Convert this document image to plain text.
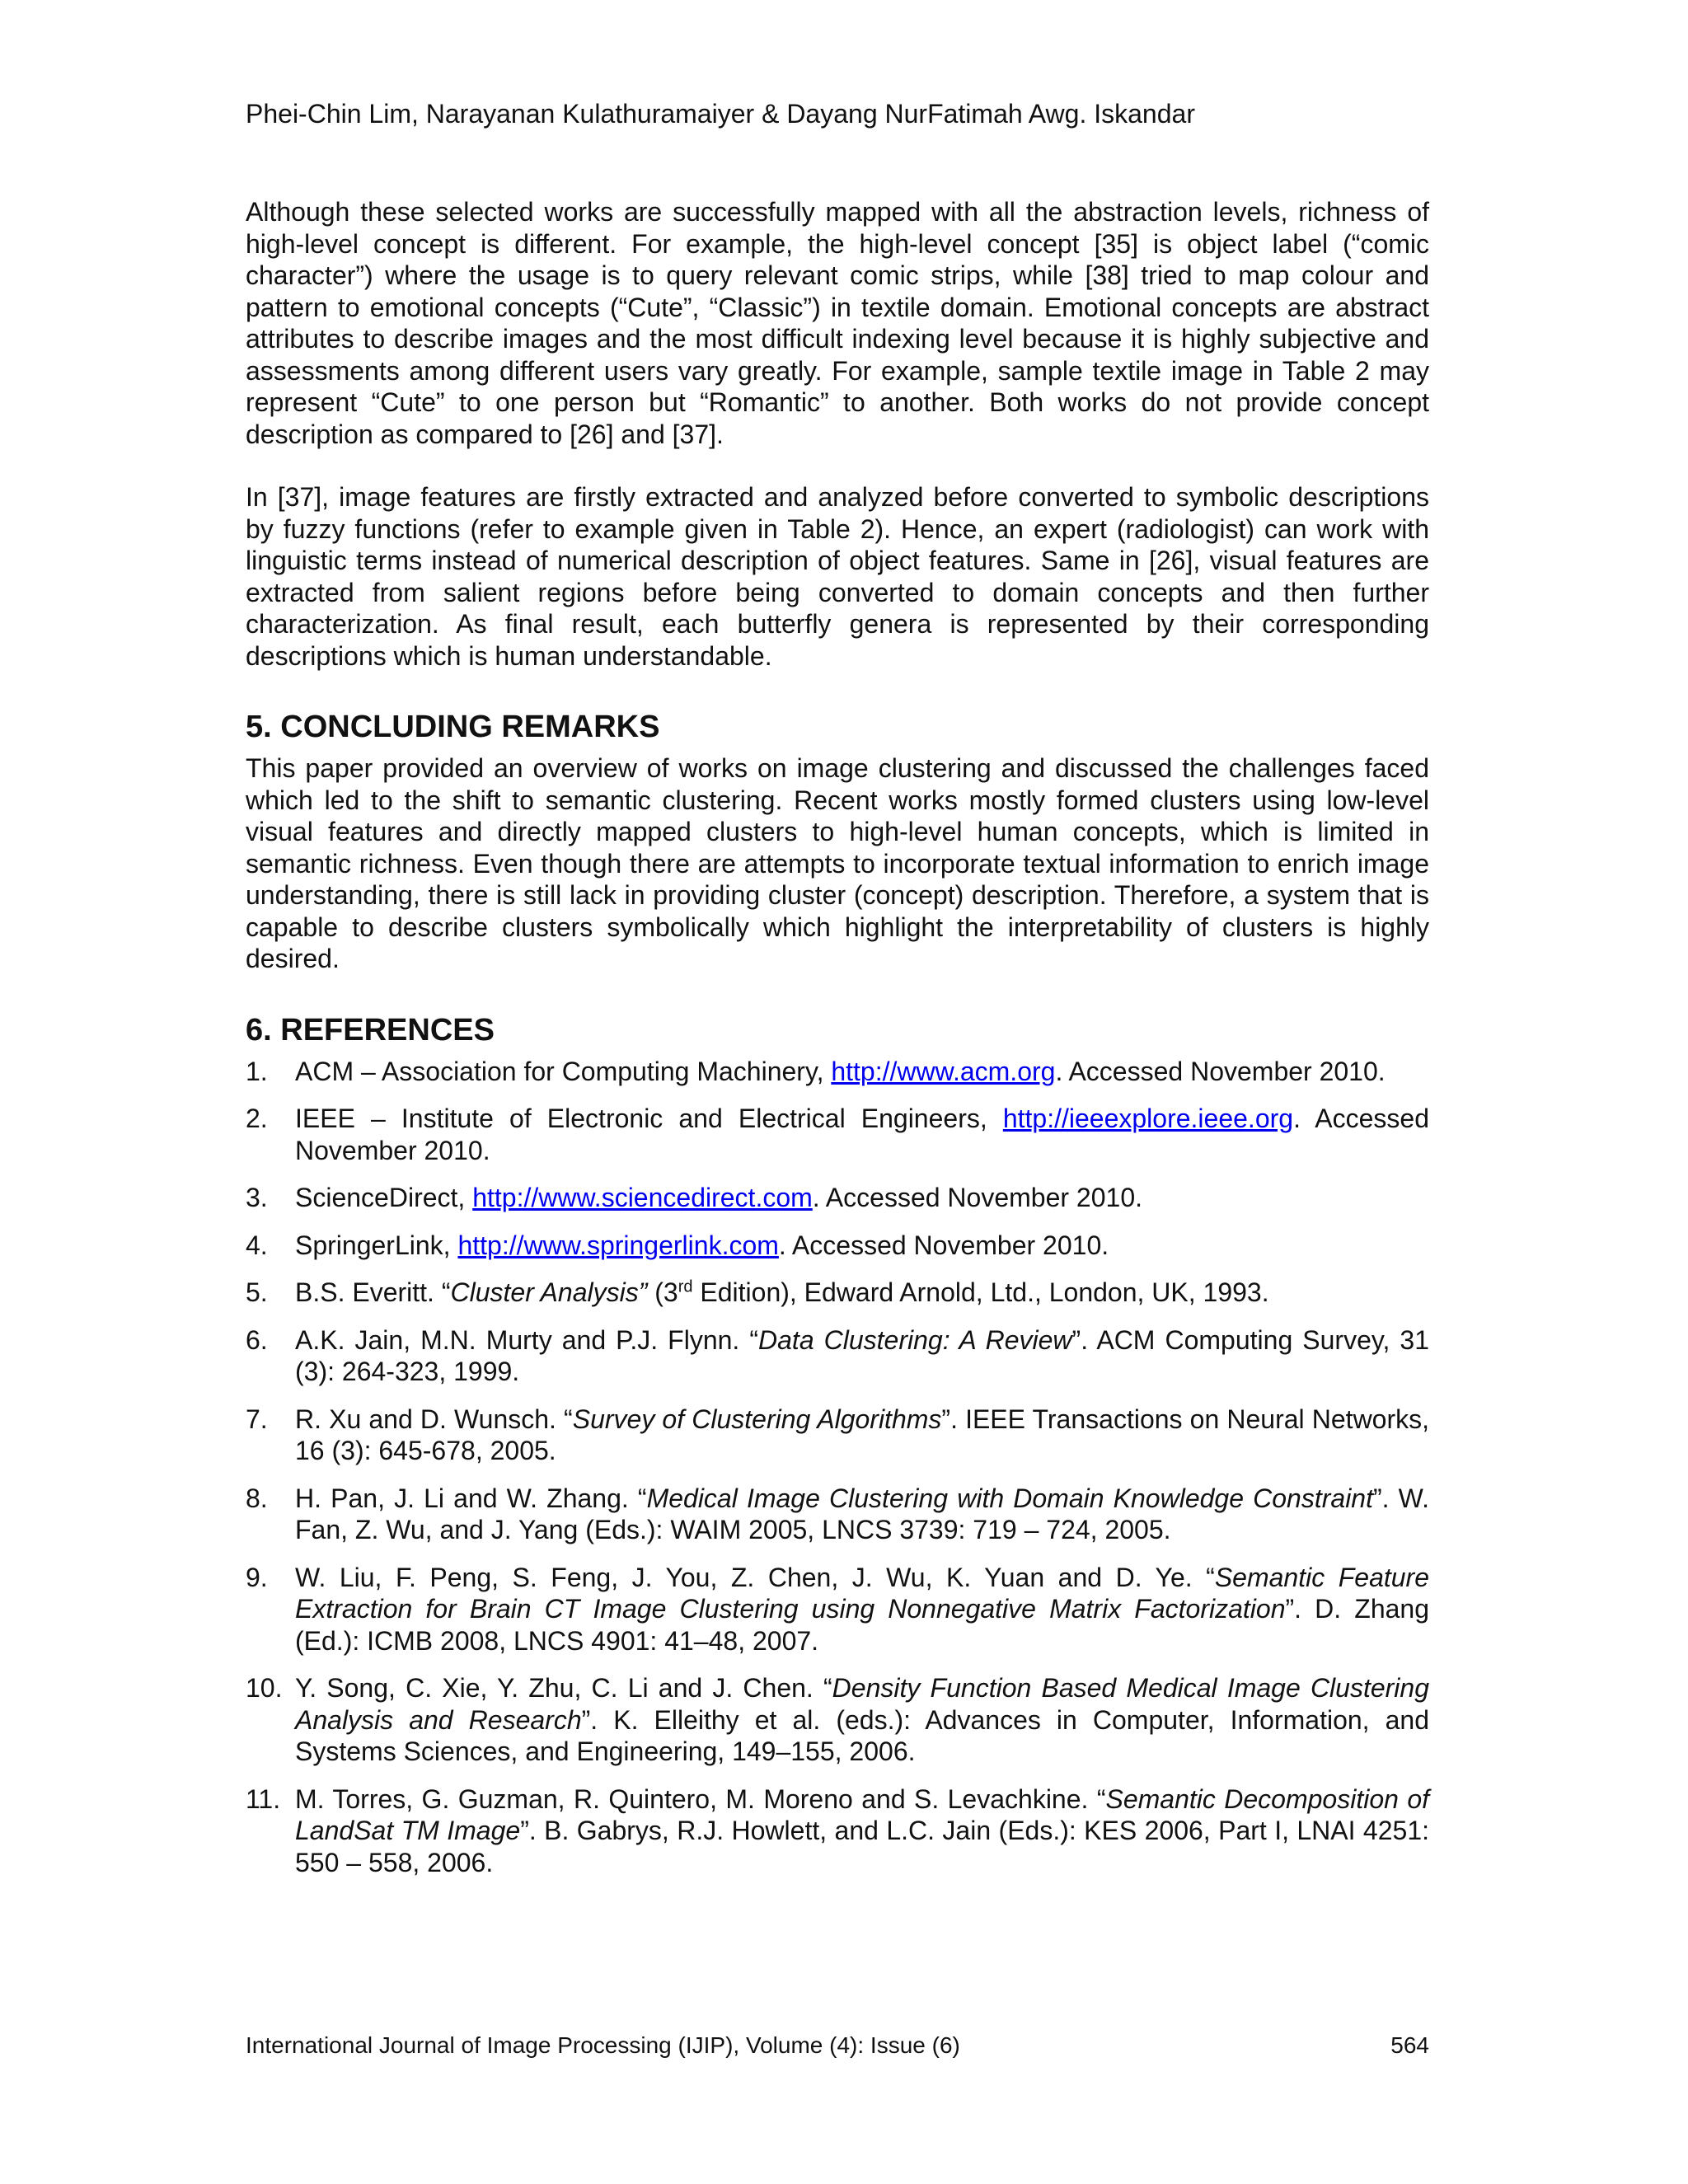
Phei-Chin Lim, Narayanan Kulathuramaiyer & Dayang NurFatimah Awg. Iskandar

Although these selected works are successfully mapped with all the abstraction levels, richness of high-level concept is different. For example, the high-level concept [35] is object label (“comic character”) where the usage is to query relevant comic strips, while [38] tried to map colour and pattern to emotional concepts (“Cute”, “Classic”) in textile domain. Emotional concepts are abstract attributes to describe images and the most difficult indexing level because it is highly subjective and assessments among different users vary greatly. For example, sample textile image in Table 2 may represent “Cute” to one person but “Romantic” to another. Both works do not provide concept description as compared to [26] and [37].

In [37], image features are firstly extracted and analyzed before converted to symbolic descriptions by fuzzy functions (refer to example given in Table 2). Hence, an expert (radiologist) can work with linguistic terms instead of numerical description of object features. Same in [26], visual features are extracted from salient regions before being converted to domain concepts and then further characterization. As final result, each butterfly genera is represented by their corresponding descriptions which is human understandable.

5. CONCLUDING REMARKS

This paper provided an overview of works on image clustering and discussed the challenges faced which led to the shift to semantic clustering. Recent works mostly formed clusters using low-level visual features and directly mapped clusters to high-level human concepts, which is limited in semantic richness. Even though there are attempts to incorporate textual information to enrich image understanding, there is still lack in providing cluster (concept) description. Therefore, a system that is capable to describe clusters symbolically which highlight the interpretability of clusters is highly desired.

6. REFERENCES
1. ACM – Association for Computing Machinery, http://www.acm.org. Accessed November 2010.
2. IEEE – Institute of Electronic and Electrical Engineers, http://ieeexplore.ieee.org. Accessed November 2010.
3. ScienceDirect, http://www.sciencedirect.com. Accessed November 2010.
4. SpringerLink, http://www.springerlink.com. Accessed November 2010.
5. B.S. Everitt. “Cluster Analysis” (3rd Edition), Edward Arnold, Ltd., London, UK, 1993.
6. A.K. Jain, M.N. Murty and P.J. Flynn. “Data Clustering: A Review”. ACM Computing Survey, 31 (3): 264-323, 1999.
7. R. Xu and D. Wunsch. “Survey of Clustering Algorithms”. IEEE Transactions on Neural Networks, 16 (3): 645-678, 2005.
8. H. Pan, J. Li and W. Zhang. “Medical Image Clustering with Domain Knowledge Constraint”. W. Fan, Z. Wu, and J. Yang (Eds.): WAIM 2005, LNCS 3739: 719 – 724, 2005.
9. W. Liu, F. Peng, S. Feng, J. You, Z. Chen, J. Wu, K. Yuan and D. Ye. “Semantic Feature Extraction for Brain CT Image Clustering using Nonnegative Matrix Factorization”. D. Zhang (Ed.): ICMB 2008, LNCS 4901: 41–48, 2007.
10. Y. Song, C. Xie, Y. Zhu, C. Li and J. Chen. “Density Function Based Medical Image Clustering Analysis and Research”. K. Elleithy et al. (eds.): Advances in Computer, Information, and Systems Sciences, and Engineering, 149–155, 2006.
11. M. Torres, G. Guzman, R. Quintero, M. Moreno and S. Levachkine. “Semantic Decomposition of LandSat TM Image”. B. Gabrys, R.J. Howlett, and L.C. Jain (Eds.): KES 2006, Part I, LNAI 4251: 550 – 558, 2006.
International Journal of Image Processing (IJIP), Volume (4): Issue (6)	564
